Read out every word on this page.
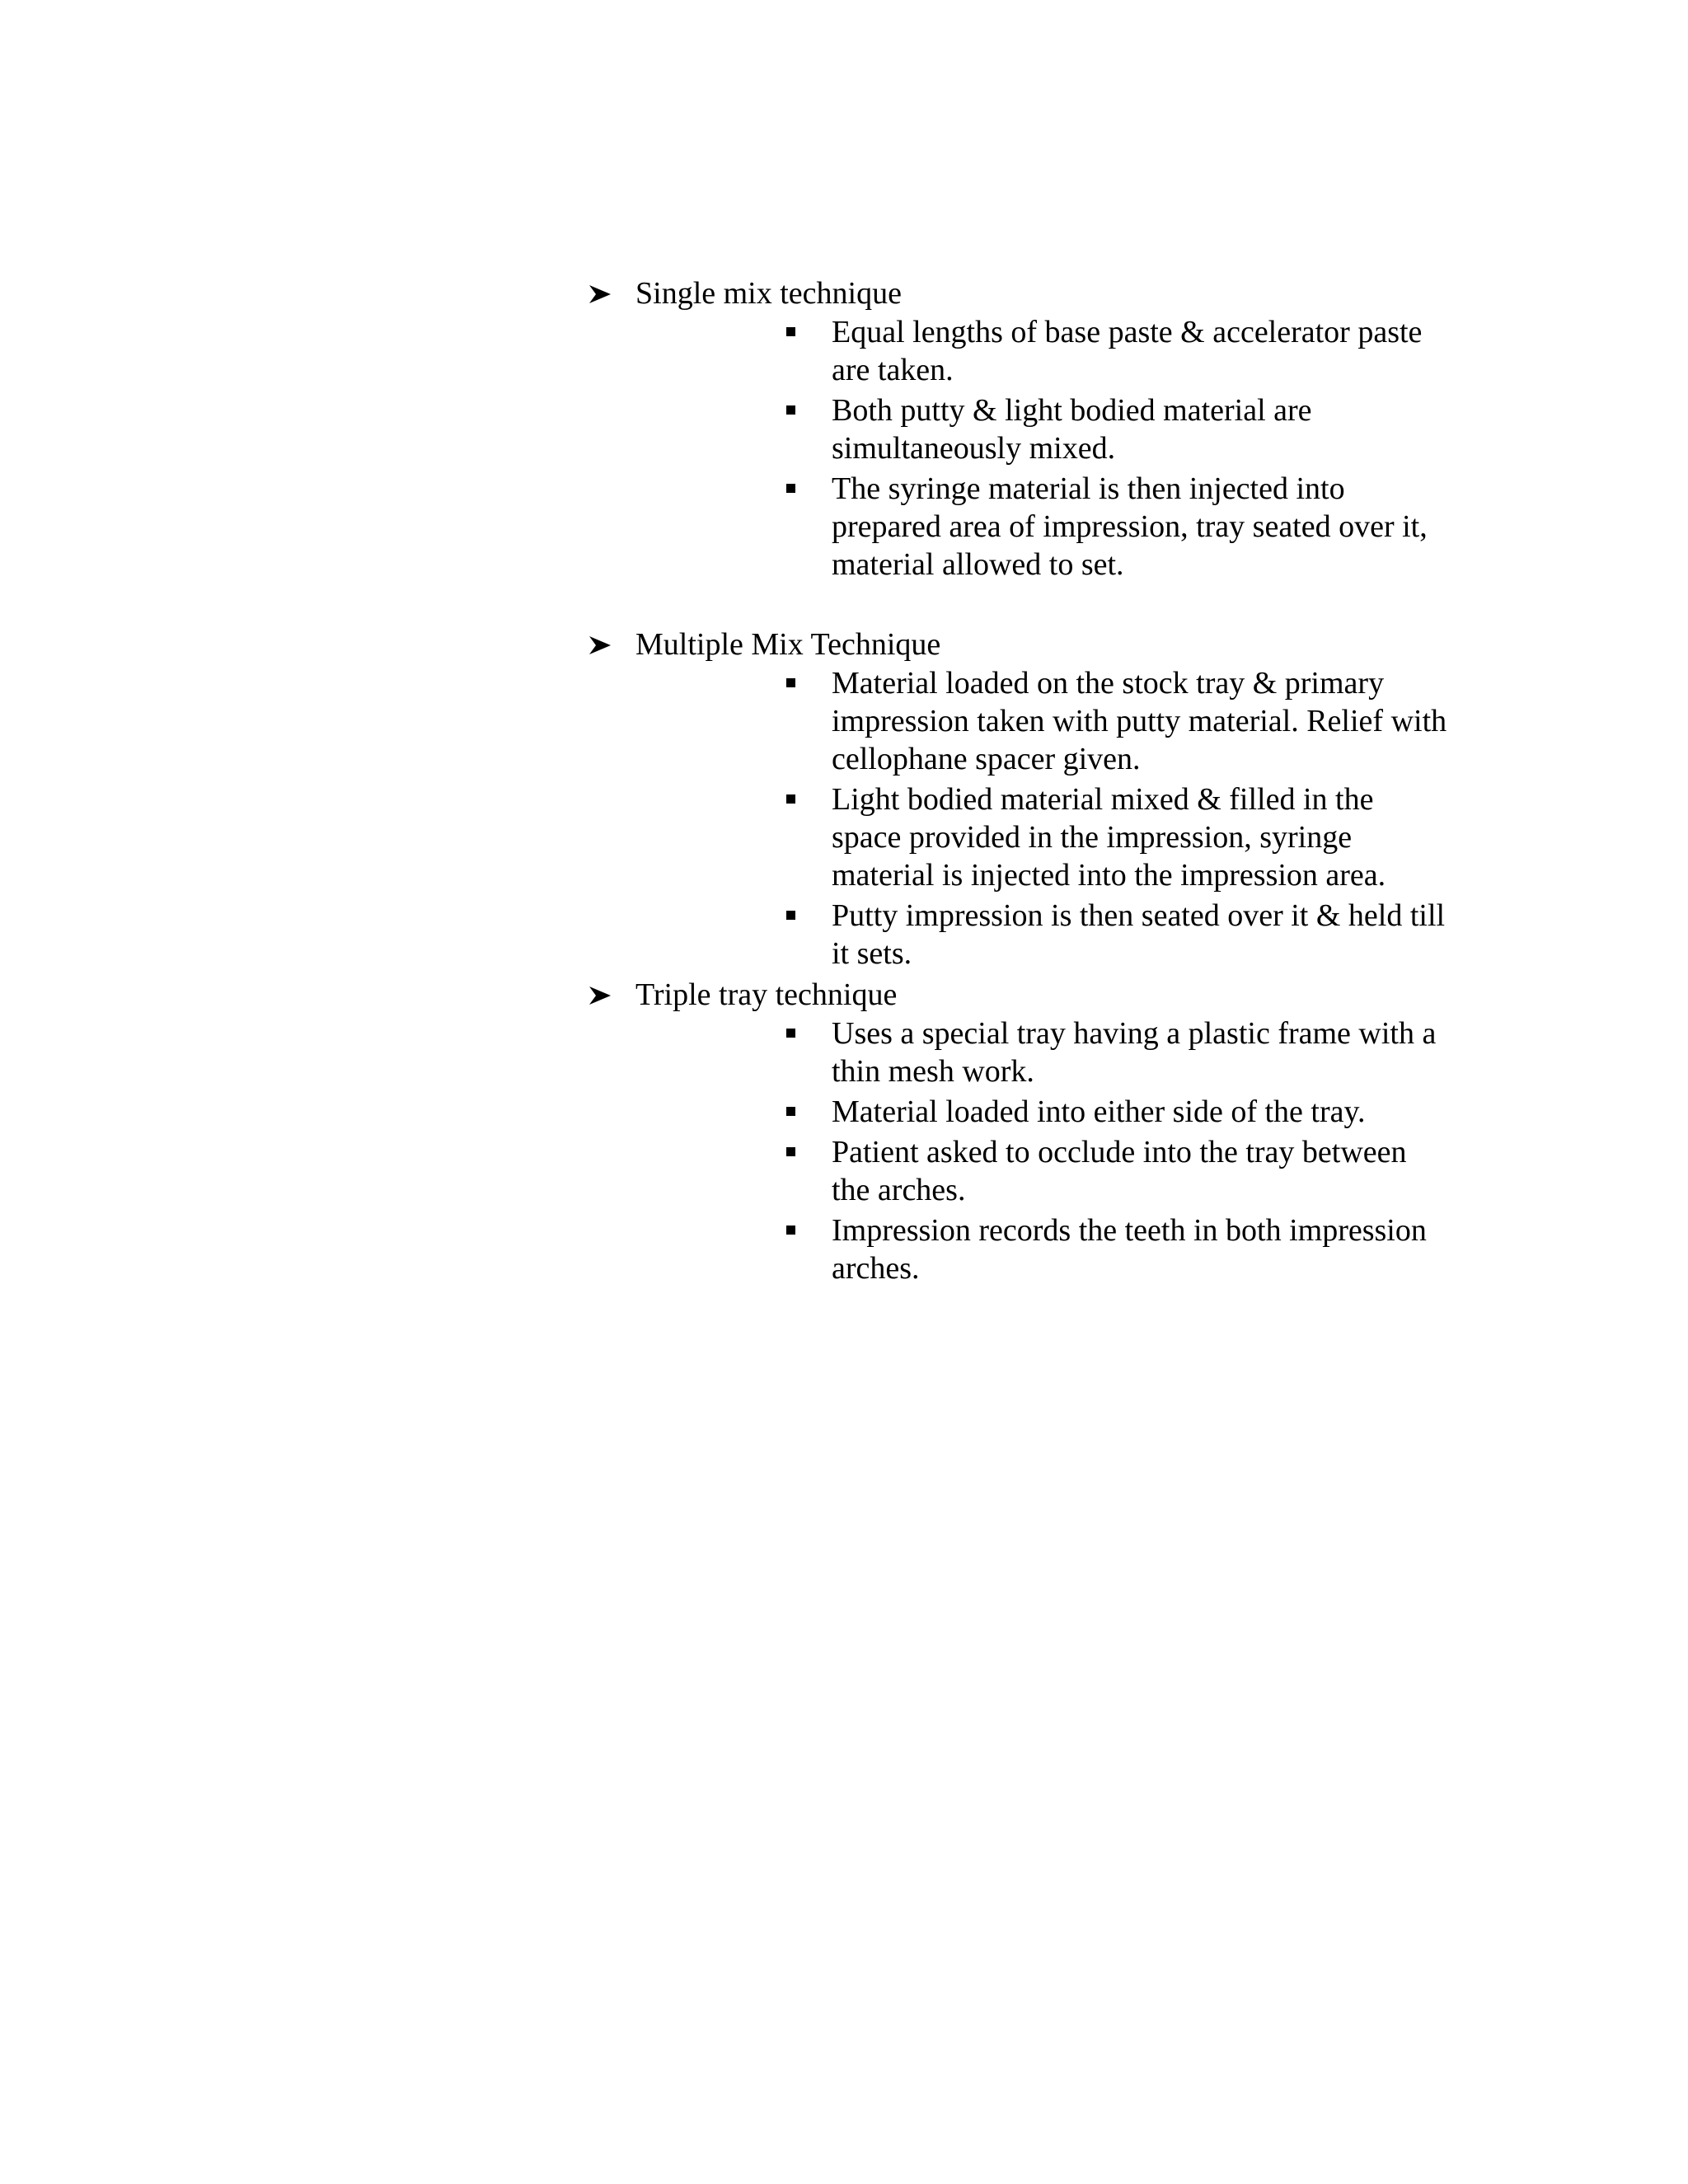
Single mix technique
Equal lengths of base paste & accelerator paste are taken.
Both putty & light bodied material are simultaneously mixed.
The syringe material is then injected into prepared area of impression, tray seated over it, material allowed to set.
Multiple Mix Technique
Material loaded on the stock tray & primary impression taken with putty material. Relief with cellophane spacer given.
Light bodied material mixed & filled in the space provided in the impression, syringe material is injected into the impression area.
Putty impression is then seated over it & held till it sets.
Triple tray technique
Uses a special tray having a plastic frame with a thin mesh work.
Material loaded into either side of the tray.
Patient asked to occlude into the tray between the arches.
Impression records the teeth in both impression arches.
